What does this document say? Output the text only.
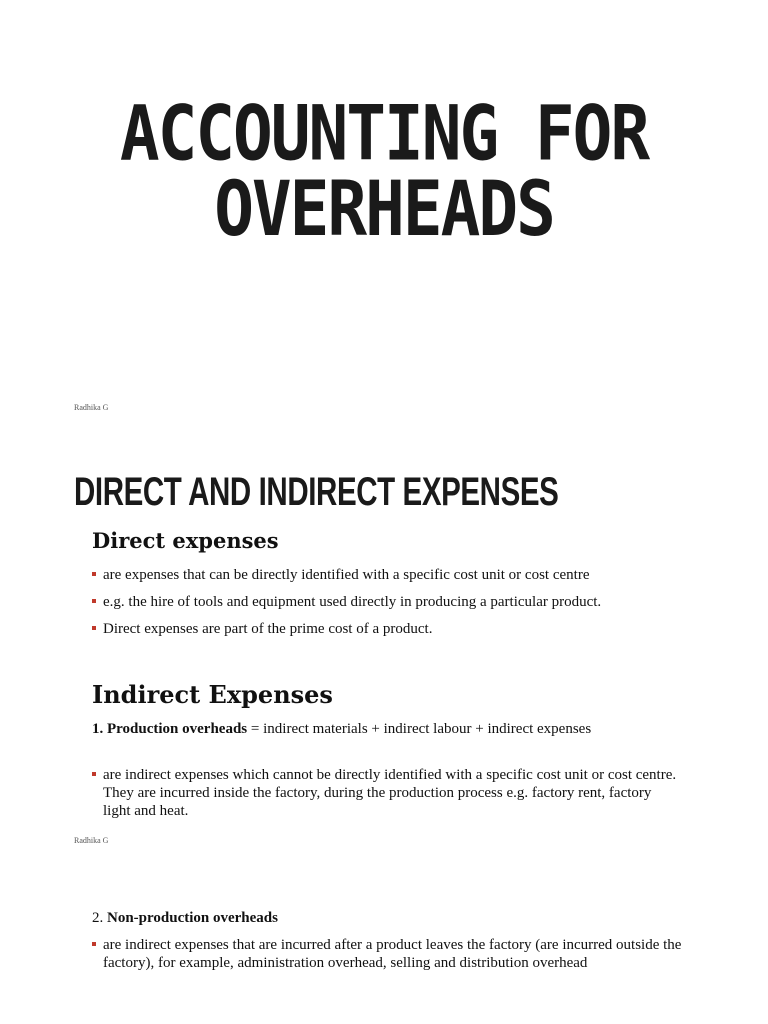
ACCOUNTING FOR
OVERHEADS
Radhika G
DIRECT AND INDIRECT EXPENSES
Direct expenses
are expenses that can be directly identified with a specific cost unit or cost centre
e.g. the hire of tools and equipment used directly in producing a particular product.
Direct expenses are part of the prime cost of a product.
Indirect Expenses
1. Production overheads = indirect materials + indirect labour + indirect expenses
are indirect expenses which cannot be directly identified with a specific cost unit or cost centre. They are incurred inside the factory, during the production process e.g. factory rent, factory light and heat.
Radhika G
2. Non-production overheads
are indirect expenses that are incurred after a product leaves the factory (are incurred outside the factory), for example, administration overhead, selling and distribution overhead
